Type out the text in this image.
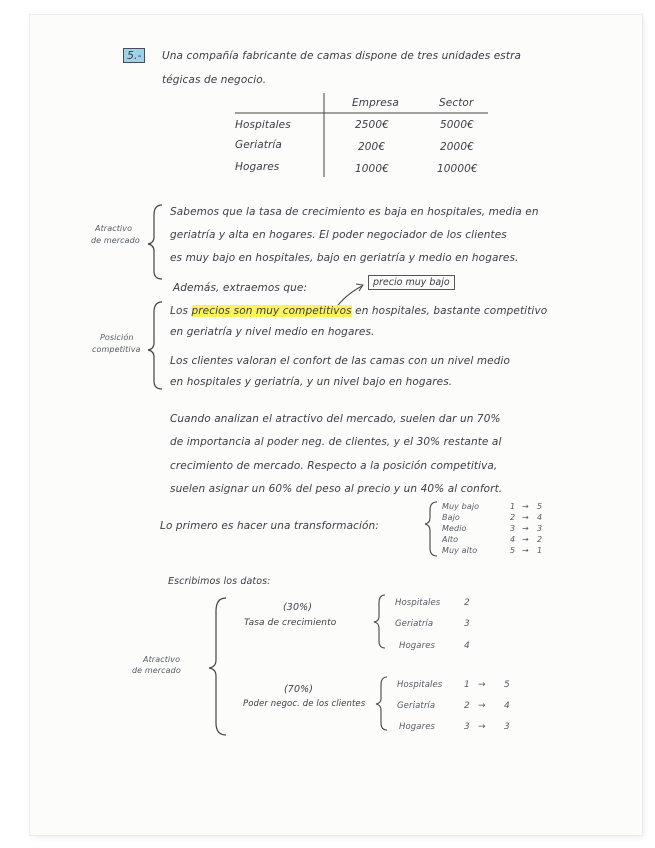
5.-	Una compañía fabricante de camas dispone de tres unidades estra
tégicas de negocio.
Empresa	Sector
Hospitales	2500€	5000€
Geriatría	200€	2000€
Hogares	1000€	10000€
Atractivo
de mercado
Sabemos que la tasa de crecimiento es baja en hospitales, media en
geriatría y alta en hogares. El poder negociador de los clientes
es muy bajo en hospitales, bajo en geriatría y medio en hogares.
Además, extraemos que:	precio muy bajo
Posición
competitiva
Los precios son muy competitivos en hospitales, bastante competitivo
en geriatría y nivel medio en hogares.
Los clientes valoran el confort de las camas con un nivel medio
en hospitales y geriatría, y un nivel bajo en hogares.
Cuando analizan el atractivo del mercado, suelen dar un 70%
de importancia al poder neg. de clientes, y el 30% restante al
crecimiento de mercado. Respecto a la posición competitiva,
suelen asignar un 60% del peso al precio y un 40% al confort.
Lo primero es hacer una transformación:
Muy bajo	1 → 5
Bajo	2 → 4
Medio	3 → 3
Alto	4 → 2
Muy alto	5 → 1
Escribimos los datos:
Atractivo
de mercado
(30%)
Tasa de crecimiento
Hospitales	2
Geriatría	3
Hogares	4
(70%)
Poder negoc. de los clientes
Hospitales 1 → 5
Geriatría	2 → 4
Hogares	3 → 3
